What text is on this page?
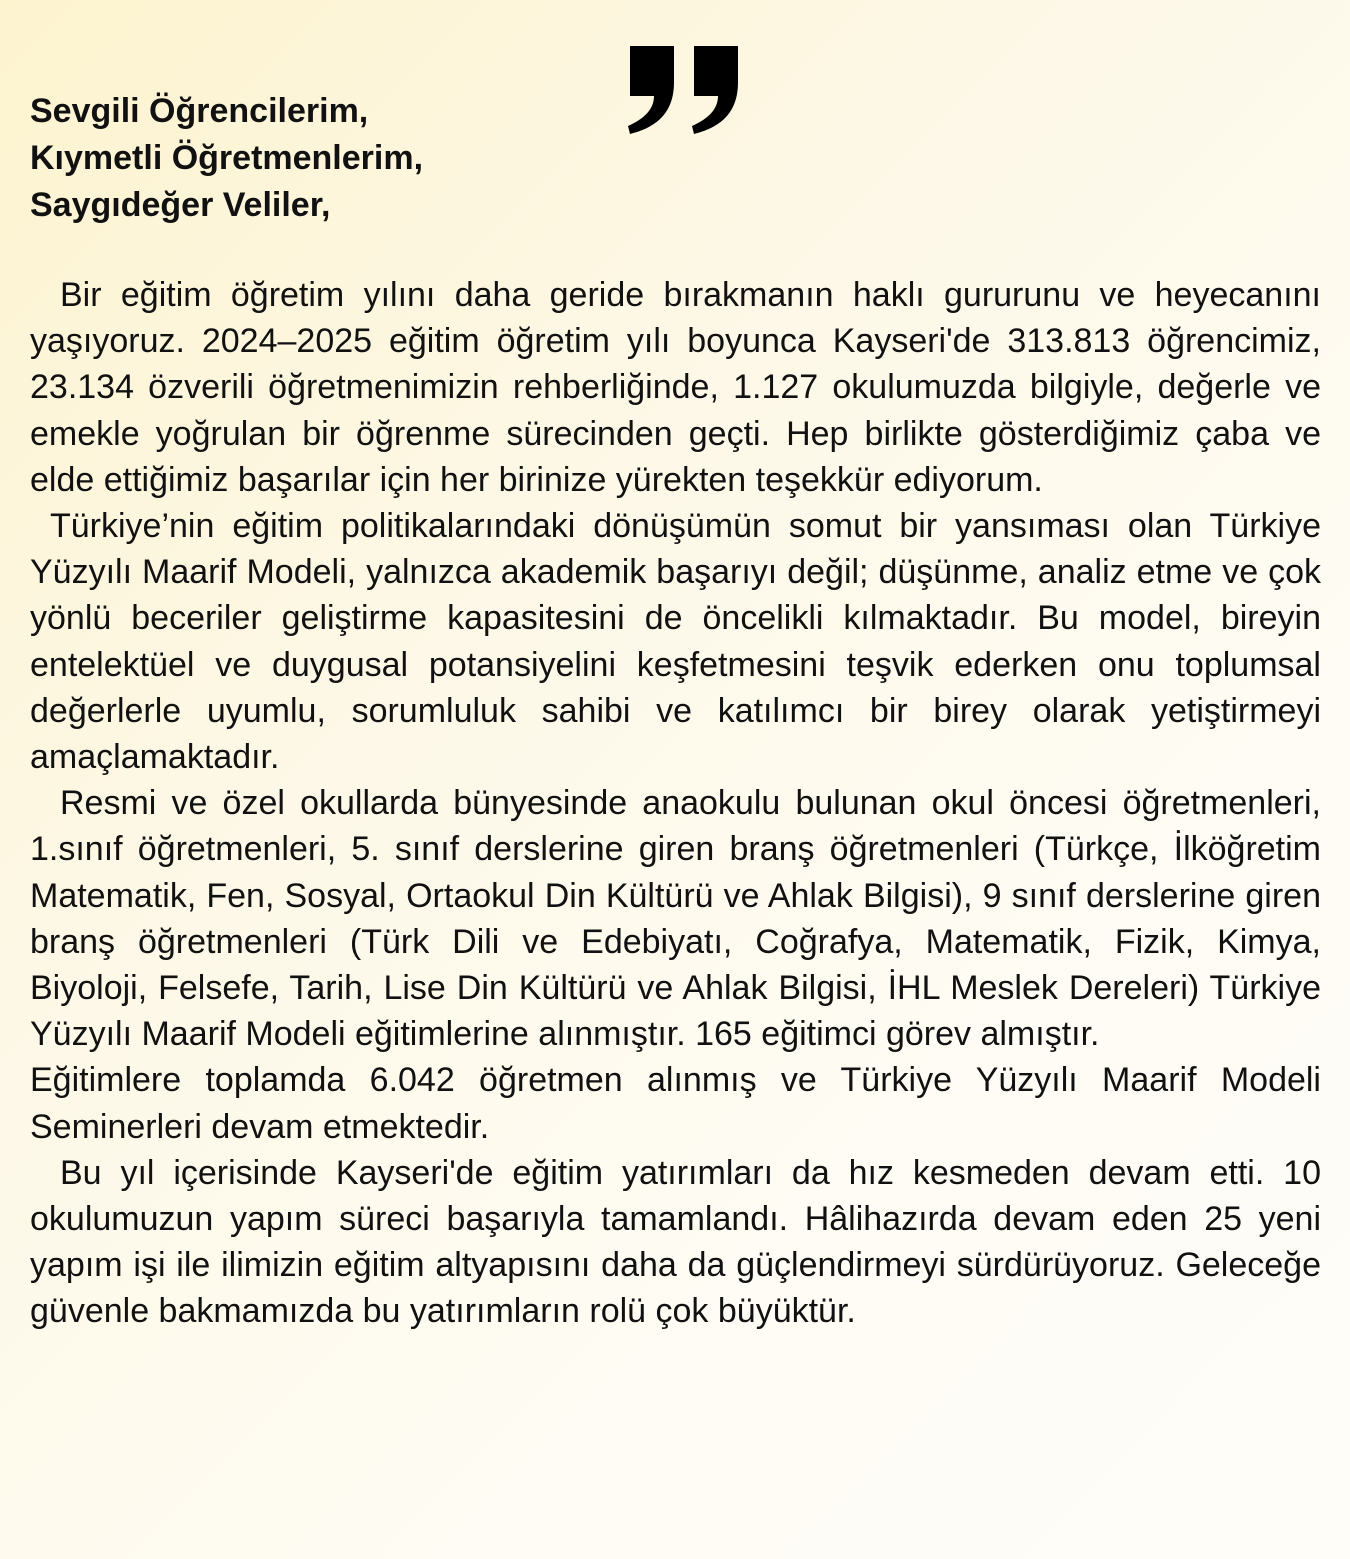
Sevgili Öğrencilerim,
Kıymetli Öğretmenlerim,
Saygıdeğer Veliler,

Bir eğitim öğretim yılını daha geride bırakmanın haklı gururunu ve heyecanını yaşıyoruz. 2024–2025 eğitim öğretim yılı boyunca Kayseri'de 313.813 öğrencimiz, 23.134 özverili öğretmenimizin rehberliğinde, 1.127 okulumuzda bilgiyle, değerle ve emekle yoğrulan bir öğrenme sürecinden geçti. Hep birlikte gösterdiğimiz çaba ve elde ettiğimiz başarılar için her birinize yürekten teşekkür ediyorum.

Türkiye’nin eğitim politikalarındaki dönüşümün somut bir yansıması olan Türkiye Yüzyılı Maarif Modeli, yalnızca akademik başarıyı değil; düşünme, analiz etme ve çok yönlü beceriler geliştirme kapasitesini de öncelikli kılmaktadır. Bu model, bireyin entelektüel ve duygusal potansiyelini keşfetmesini teşvik ederken onu toplumsal değerlerle uyumlu, sorumluluk sahibi ve katılımcı bir birey olarak yetiştirmeyi amaçlamaktadır.

Resmi ve özel okullarda bünyesinde anaokulu bulunan okul öncesi öğretmenleri, 1.sınıf öğretmenleri, 5. sınıf derslerine giren branş öğretmenleri (Türkçe, İlköğretim Matematik, Fen, Sosyal, Ortaokul Din Kültürü ve Ahlak Bilgisi), 9 sınıf derslerine giren branş öğretmenleri (Türk Dili ve Edebiyatı, Coğrafya, Matematik, Fizik, Kimya, Biyoloji, Felsefe, Tarih, Lise Din Kültürü ve Ahlak Bilgisi, İHL Meslek Dereleri) Türkiye Yüzyılı Maarif Modeli eğitimlerine alınmıştır. 165 eğitimci görev almıştır.

Eğitimlere toplamda 6.042 öğretmen alınmış ve Türkiye Yüzyılı Maarif Modeli Seminerleri devam etmektedir.

Bu yıl içerisinde Kayseri'de eğitim yatırımları da hız kesmeden devam etti. 10 okulumuzun yapım süreci başarıyla tamamlandı. Hâlihazırda devam eden 25 yeni yapım işi ile ilimizin eğitim altyapısını daha da güçlendirmeyi sürdürüyoruz. Geleceğe güvenle bakmamızda bu yatırımların rolü çok büyüktür.
